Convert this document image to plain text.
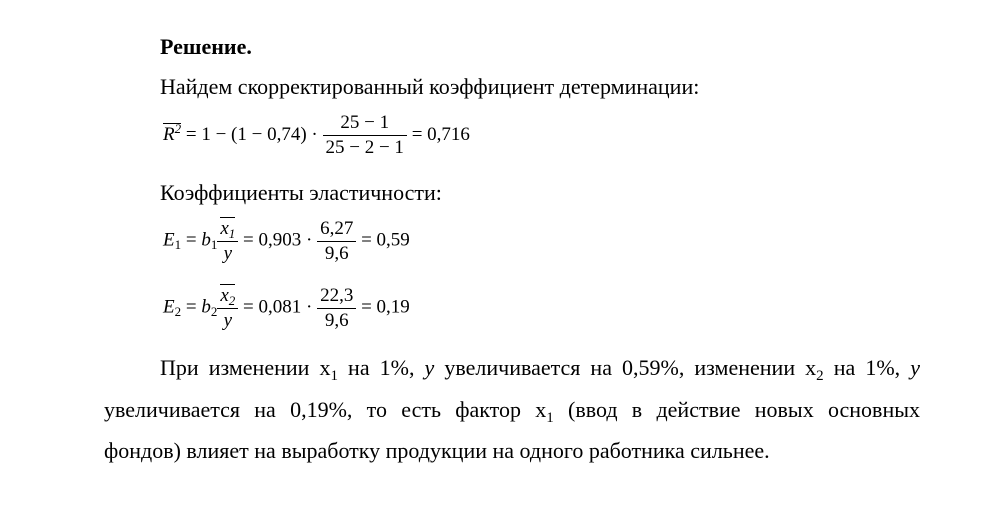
Решение.
Найдем скорректированный коэффициент детерминации:
$R^2 = 1 - (1 - 0,74) \cdot \frac{25 - 1}{25 - 2 - 1} = 0,716$
Коэффициенты эластичности:
$E_1 = b_1 \frac{x_1}{y} = 0,903 \cdot \frac{6,27}{9,6} = 0,59$
$E_2 = b_2 \frac{x_2}{y} = 0,081 \cdot \frac{22,3}{9,6} = 0,19$
При изменении $x_1$ на 1%, y увеличивается на 0,59%, изменении $x_2$ на 1%, y
увеличивается на 0,19%, то есть фактор $x_1$ (ввод в действие новых основных
фондов) влияет на выработку продукции на одного работника сильнее.
